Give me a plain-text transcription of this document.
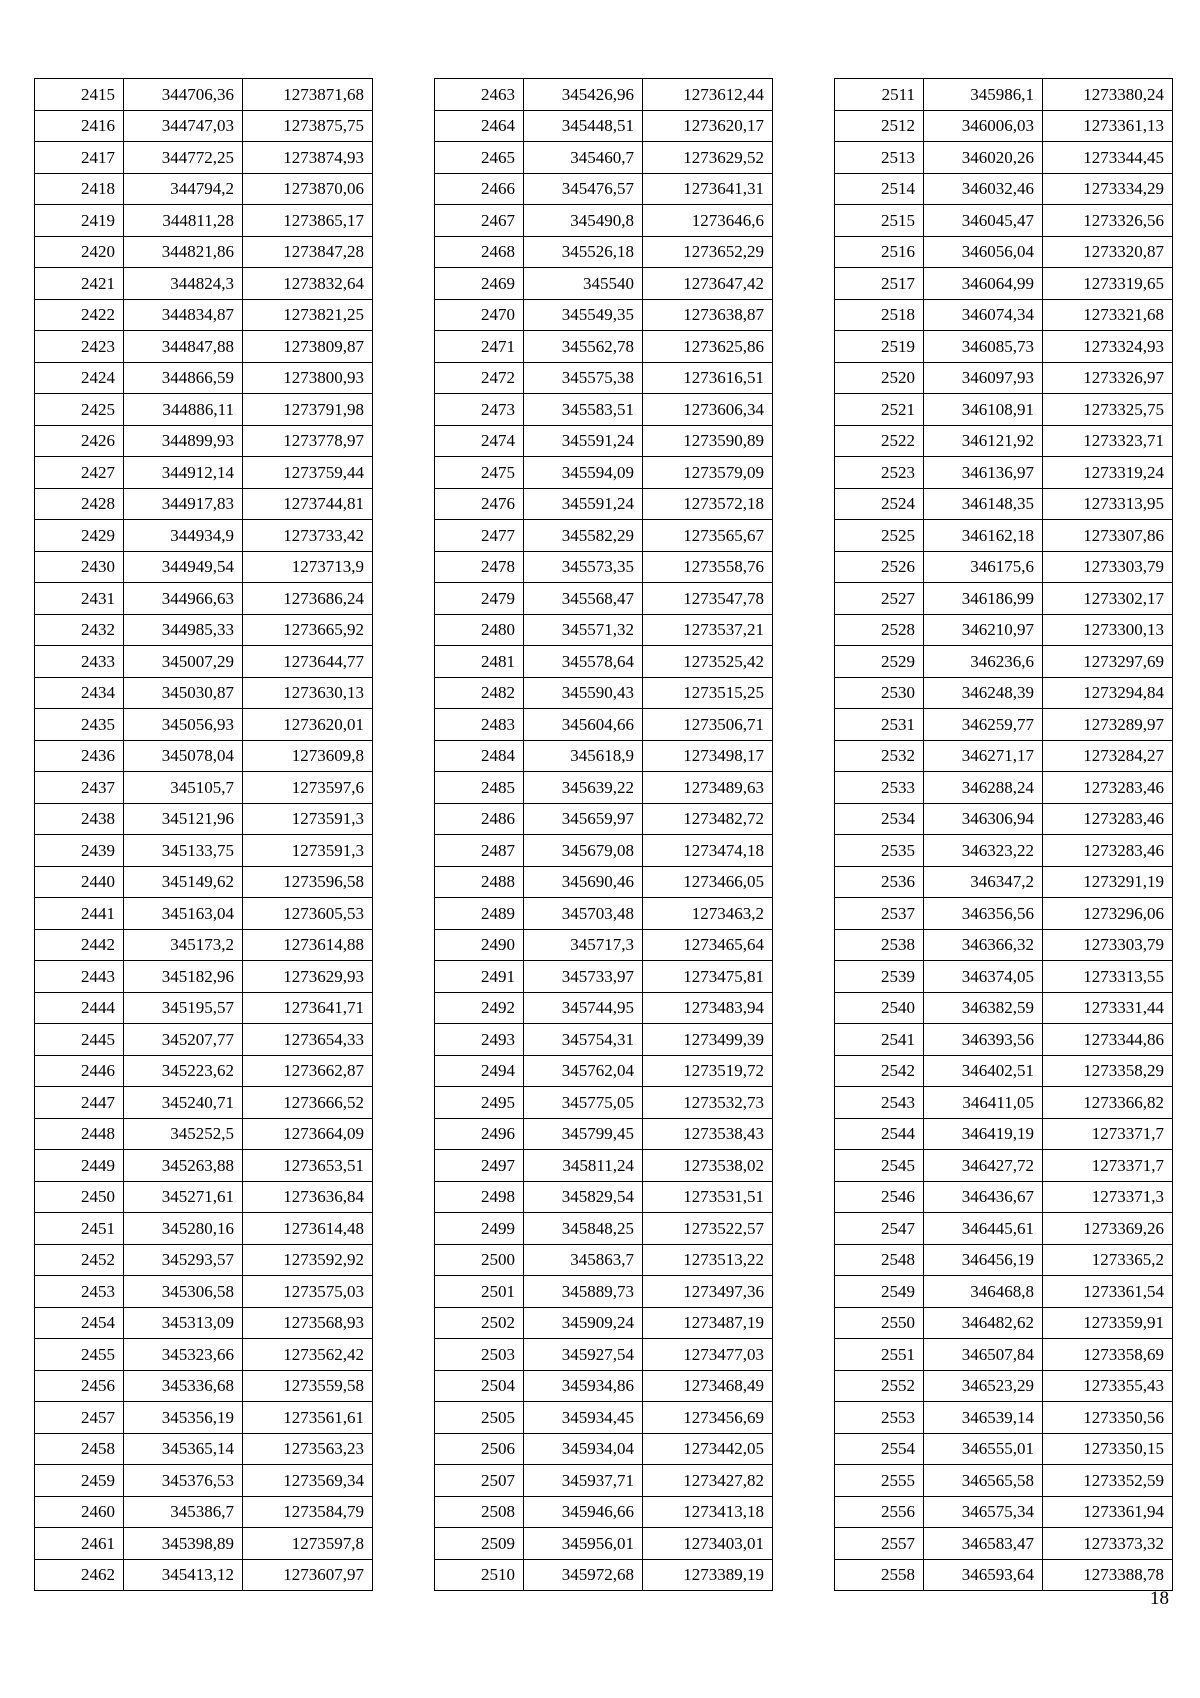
2415	344706,36	1273871,68
2416	344747,03	1273875,75
2417	344772,25	1273874,93
2418	344794,2	1273870,06
2419	344811,28	1273865,17
2420	344821,86	1273847,28
2421	344824,3	1273832,64
2422	344834,87	1273821,25
2423	344847,88	1273809,87
2424	344866,59	1273800,93
2425	344886,11	1273791,98
2426	344899,93	1273778,97
2427	344912,14	1273759,44
2428	344917,83	1273744,81
2429	344934,9	1273733,42
2430	344949,54	1273713,9
2431	344966,63	1273686,24
2432	344985,33	1273665,92
2433	345007,29	1273644,77
2434	345030,87	1273630,13
2435	345056,93	1273620,01
2436	345078,04	1273609,8
2437	345105,7	1273597,6
2438	345121,96	1273591,3
2439	345133,75	1273591,3
2440	345149,62	1273596,58
2441	345163,04	1273605,53
2442	345173,2	1273614,88
2443	345182,96	1273629,93
2444	345195,57	1273641,71
2445	345207,77	1273654,33
2446	345223,62	1273662,87
2447	345240,71	1273666,52
2448	345252,5	1273664,09
2449	345263,88	1273653,51
2450	345271,61	1273636,84
2451	345280,16	1273614,48
2452	345293,57	1273592,92
2453	345306,58	1273575,03
2454	345313,09	1273568,93
2455	345323,66	1273562,42
2456	345336,68	1273559,58
2457	345356,19	1273561,61
2458	345365,14	1273563,23
2459	345376,53	1273569,34
2460	345386,7	1273584,79
2461	345398,89	1273597,8
2462	345413,12	1273607,97
2463	345426,96	1273612,44
2464	345448,51	1273620,17
2465	345460,7	1273629,52
2466	345476,57	1273641,31
2467	345490,8	1273646,6
2468	345526,18	1273652,29
2469	345540	1273647,42
2470	345549,35	1273638,87
2471	345562,78	1273625,86
2472	345575,38	1273616,51
2473	345583,51	1273606,34
2474	345591,24	1273590,89
2475	345594,09	1273579,09
2476	345591,24	1273572,18
2477	345582,29	1273565,67
2478	345573,35	1273558,76
2479	345568,47	1273547,78
2480	345571,32	1273537,21
2481	345578,64	1273525,42
2482	345590,43	1273515,25
2483	345604,66	1273506,71
2484	345618,9	1273498,17
2485	345639,22	1273489,63
2486	345659,97	1273482,72
2487	345679,08	1273474,18
2488	345690,46	1273466,05
2489	345703,48	1273463,2
2490	345717,3	1273465,64
2491	345733,97	1273475,81
2492	345744,95	1273483,94
2493	345754,31	1273499,39
2494	345762,04	1273519,72
2495	345775,05	1273532,73
2496	345799,45	1273538,43
2497	345811,24	1273538,02
2498	345829,54	1273531,51
2499	345848,25	1273522,57
2500	345863,7	1273513,22
2501	345889,73	1273497,36
2502	345909,24	1273487,19
2503	345927,54	1273477,03
2504	345934,86	1273468,49
2505	345934,45	1273456,69
2506	345934,04	1273442,05
2507	345937,71	1273427,82
2508	345946,66	1273413,18
2509	345956,01	1273403,01
2510	345972,68	1273389,19
2511	345986,1	1273380,24
2512	346006,03	1273361,13
2513	346020,26	1273344,45
2514	346032,46	1273334,29
2515	346045,47	1273326,56
2516	346056,04	1273320,87
2517	346064,99	1273319,65
2518	346074,34	1273321,68
2519	346085,73	1273324,93
2520	346097,93	1273326,97
2521	346108,91	1273325,75
2522	346121,92	1273323,71
2523	346136,97	1273319,24
2524	346148,35	1273313,95
2525	346162,18	1273307,86
2526	346175,6	1273303,79
2527	346186,99	1273302,17
2528	346210,97	1273300,13
2529	346236,6	1273297,69
2530	346248,39	1273294,84
2531	346259,77	1273289,97
2532	346271,17	1273284,27
2533	346288,24	1273283,46
2534	346306,94	1273283,46
2535	346323,22	1273283,46
2536	346347,2	1273291,19
2537	346356,56	1273296,06
2538	346366,32	1273303,79
2539	346374,05	1273313,55
2540	346382,59	1273331,44
2541	346393,56	1273344,86
2542	346402,51	1273358,29
2543	346411,05	1273366,82
2544	346419,19	1273371,7
2545	346427,72	1273371,7
2546	346436,67	1273371,3
2547	346445,61	1273369,26
2548	346456,19	1273365,2
2549	346468,8	1273361,54
2550	346482,62	1273359,91
2551	346507,84	1273358,69
2552	346523,29	1273355,43
2553	346539,14	1273350,56
2554	346555,01	1273350,15
2555	346565,58	1273352,59
2556	346575,34	1273361,94
2557	346583,47	1273373,32
2558	346593,64	1273388,78
18
